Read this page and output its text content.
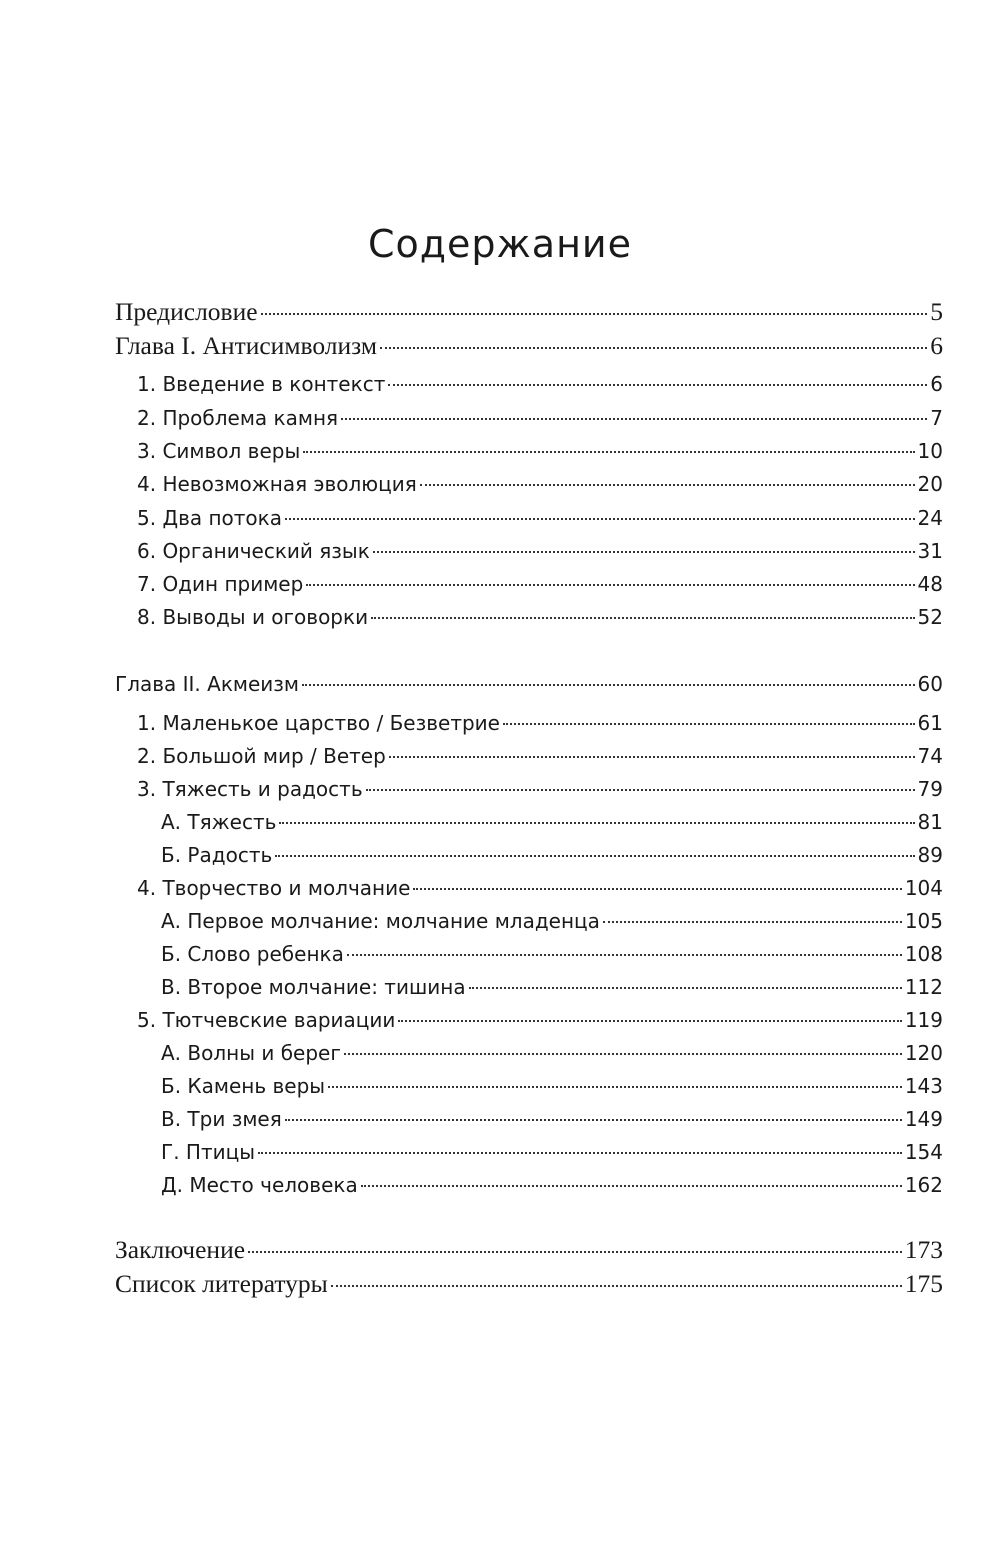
Содержание
Предисловие	5
Глава I. Антисимволизм	6
1. Введение в контекст	6
2. Проблема камня	7
3. Символ веры	10
4. Невозможная эволюция	20
5. Два потока	24
6. Органический язык	31
7. Один пример	48
8. Выводы и оговорки	52
Глава II. Акмеизм	60
1. Маленькое царство / Безветрие	61
2. Большой мир / Ветер	74
3. Тяжесть и радость	79
А. Тяжесть	81
Б. Радость	89
4. Творчество и молчание	104
А. Первое молчание: молчание младенца	105
Б. Слово ребенка	108
В. Второе молчание: тишина	112
5. Тютчевские вариации	119
А. Волны и берег	120
Б. Камень веры	143
В. Три змея	149
Г. Птицы	154
Д. Место человека	162
Заключение	173
Список литературы	175
